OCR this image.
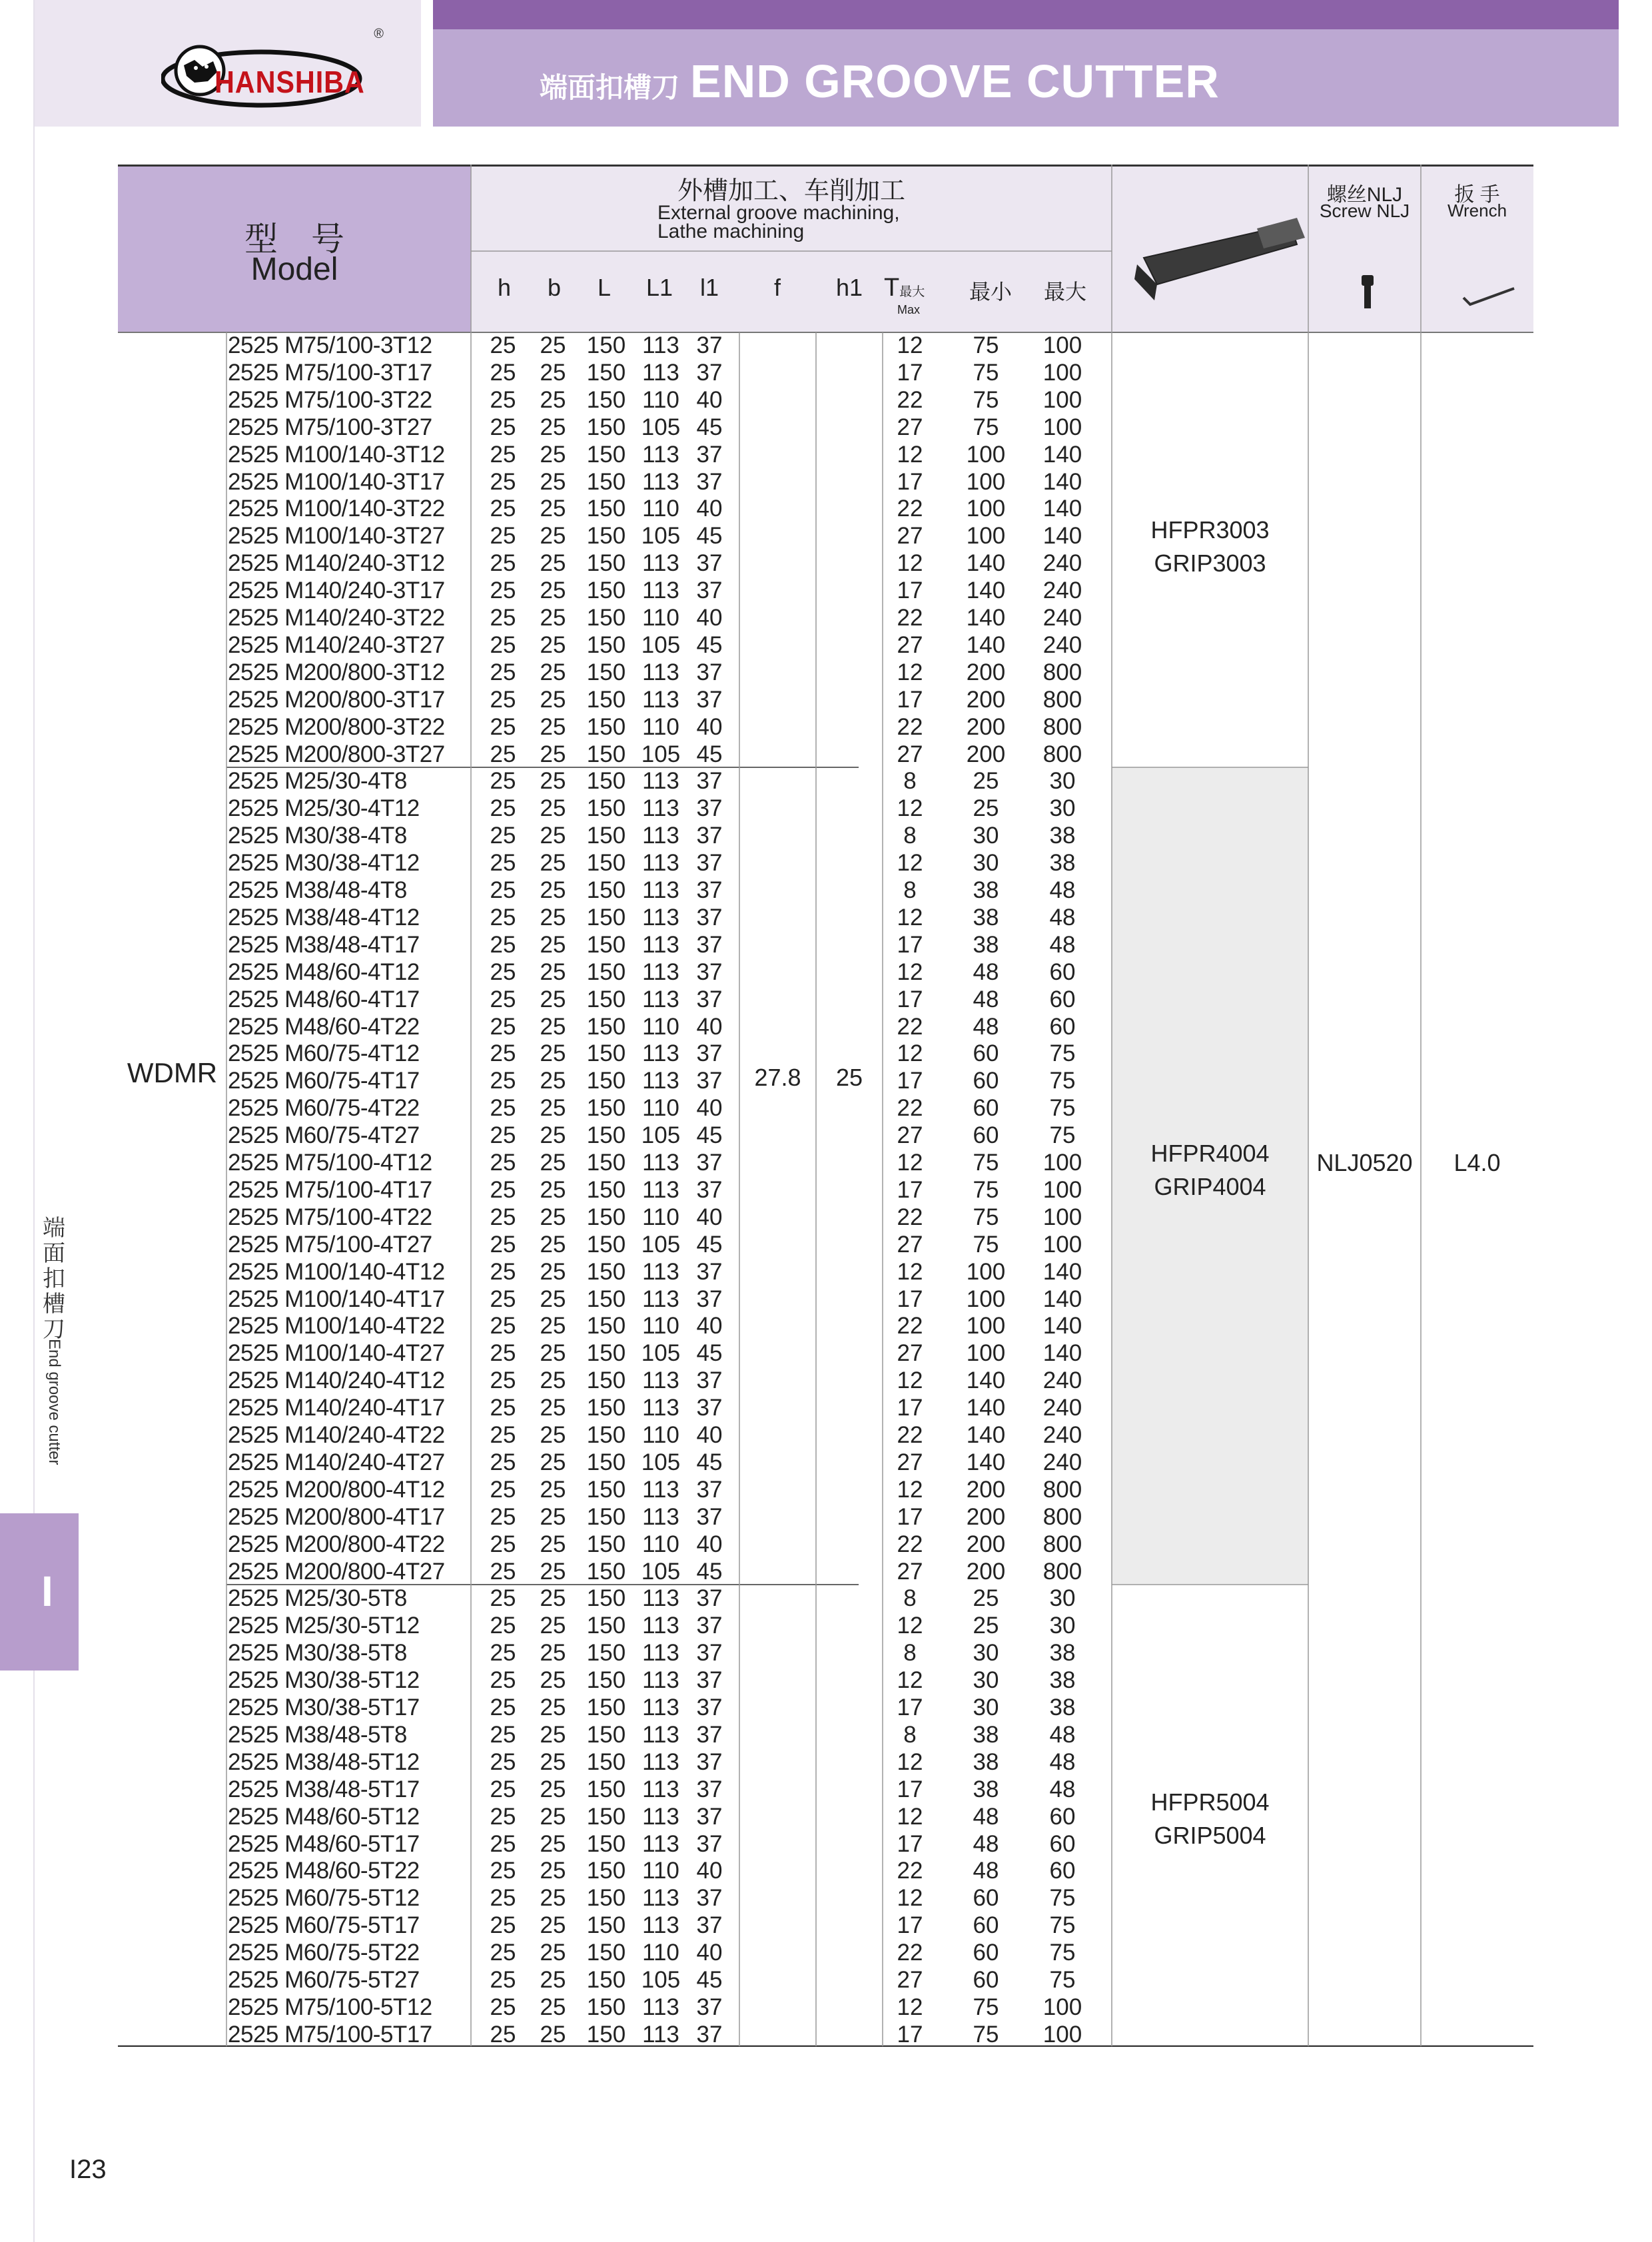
HANSHIBA
®
端面扣槽刀 END GROOVE CUTTER
端面扣槽刀
End groove cutter
I
型　号
Model
外槽加工、车削加工
External groove machining,
Lathe machining
h	b	L	L1	l1	f	h1 T最大
Max
最小	最大
螺丝NLJ
Screw NLJ
扳 手
Wrench
WDMR	27.8	25
NLJ0520	L4.0
HFPR3003
GRIP3003
HFPR4004
GRIP4004
HFPR5004
GRIP5004
2525 M75/100-3T12	25 25 150 113 37	12	75	100
2525 M75/100-3T17	25 25 150 113 37	17	75	100
2525 M75/100-3T22	25 25 150 110 40	22	75	100
2525 M75/100-3T27	25 25 150 105 45	27	75	100
2525 M100/140-3T12	25 25 150 113 37	12	100	140
2525 M100/140-3T17	25 25 150 113 37	17	100	140
2525 M100/140-3T22	25 25 150 110 40	22	100	140
2525 M100/140-3T27	25 25 150 105 45	27	100	140
2525 M140/240-3T12	25 25 150 113 37	12	140	240
2525 M140/240-3T17	25 25 150 113 37	17	140	240
2525 M140/240-3T22	25 25 150 110 40	22	140	240
2525 M140/240-3T27	25 25 150 105 45	27	140	240
2525 M200/800-3T12	25 25 150 113 37	12	200	800
2525 M200/800-3T17	25 25 150 113 37	17	200	800
2525 M200/800-3T22	25 25 150 110 40	22	200	800
2525 M200/800-3T27	25 25 150 105 45	27	200	800
2525 M25/30-4T8	25 25 150 113 37	8	25	30
2525 M25/30-4T12	25 25 150 113 37	12	25	30
2525 M30/38-4T8	25 25 150 113 37	8	30	38
2525 M30/38-4T12	25 25 150 113 37	12	30	38
2525 M38/48-4T8	25 25 150 113 37	8	38	48
2525 M38/48-4T12	25 25 150 113 37	12	38	48
2525 M38/48-4T17	25 25 150 113 37	17	38	48
2525 M48/60-4T12	25 25 150 113 37	12	48	60
2525 M48/60-4T17	25 25 150 113 37	17	48	60
2525 M48/60-4T22	25 25 150 110 40	22	48	60
2525 M60/75-4T12	25 25 150 113 37	12	60	75
2525 M60/75-4T17	25 25 150 113 37	17	60	75
2525 M60/75-4T22	25 25 150 110 40	22	60	75
2525 M60/75-4T27	25 25 150 105 45	27	60	75
2525 M75/100-4T12	25 25 150 113 37	12	75	100
2525 M75/100-4T17	25 25 150 113 37	17	75	100
2525 M75/100-4T22	25 25 150 110 40	22	75	100
2525 M75/100-4T27	25 25 150 105 45	27	75	100
2525 M100/140-4T12	25 25 150 113 37	12	100	140
2525 M100/140-4T17	25 25 150 113 37	17	100	140
2525 M100/140-4T22	25 25 150 110 40	22	100	140
2525 M100/140-4T27	25 25 150 105 45	27	100	140
2525 M140/240-4T12	25 25 150 113 37	12	140	240
2525 M140/240-4T17	25 25 150 113 37	17	140	240
2525 M140/240-4T22	25 25 150 110 40	22	140	240
2525 M140/240-4T27	25 25 150 105 45	27	140	240
2525 M200/800-4T12	25 25 150 113 37	12	200	800
2525 M200/800-4T17	25 25 150 113 37	17	200	800
2525 M200/800-4T22	25 25 150 110 40	22	200	800
2525 M200/800-4T27	25 25 150 105 45	27	200	800
2525 M25/30-5T8	25 25 150 113 37	8	25	30
2525 M25/30-5T12	25 25 150 113 37	12	25	30
2525 M30/38-5T8	25 25 150 113 37	8	30	38
2525 M30/38-5T12	25 25 150 113 37	12	30	38
2525 M30/38-5T17	25 25 150 113 37	17	30	38
2525 M38/48-5T8	25 25 150 113 37	8	38	48
2525 M38/48-5T12	25 25 150 113 37	12	38	48
2525 M38/48-5T17	25 25 150 113 37	17	38	48
2525 M48/60-5T12	25 25 150 113 37	12	48	60
2525 M48/60-5T17	25 25 150 113 37	17	48	60
2525 M48/60-5T22	25 25 150 110 40	22	48	60
2525 M60/75-5T12	25 25 150 113 37	12	60	75
2525 M60/75-5T17	25 25 150 113 37	17	60	75
2525 M60/75-5T22	25 25 150 110 40	22	60	75
2525 M60/75-5T27	25 25 150 105 45	27	60	75
2525 M75/100-5T12	25 25 150 113 37	12	75	100
2525 M75/100-5T17	25 25 150 113 37	17	75	100
I23
